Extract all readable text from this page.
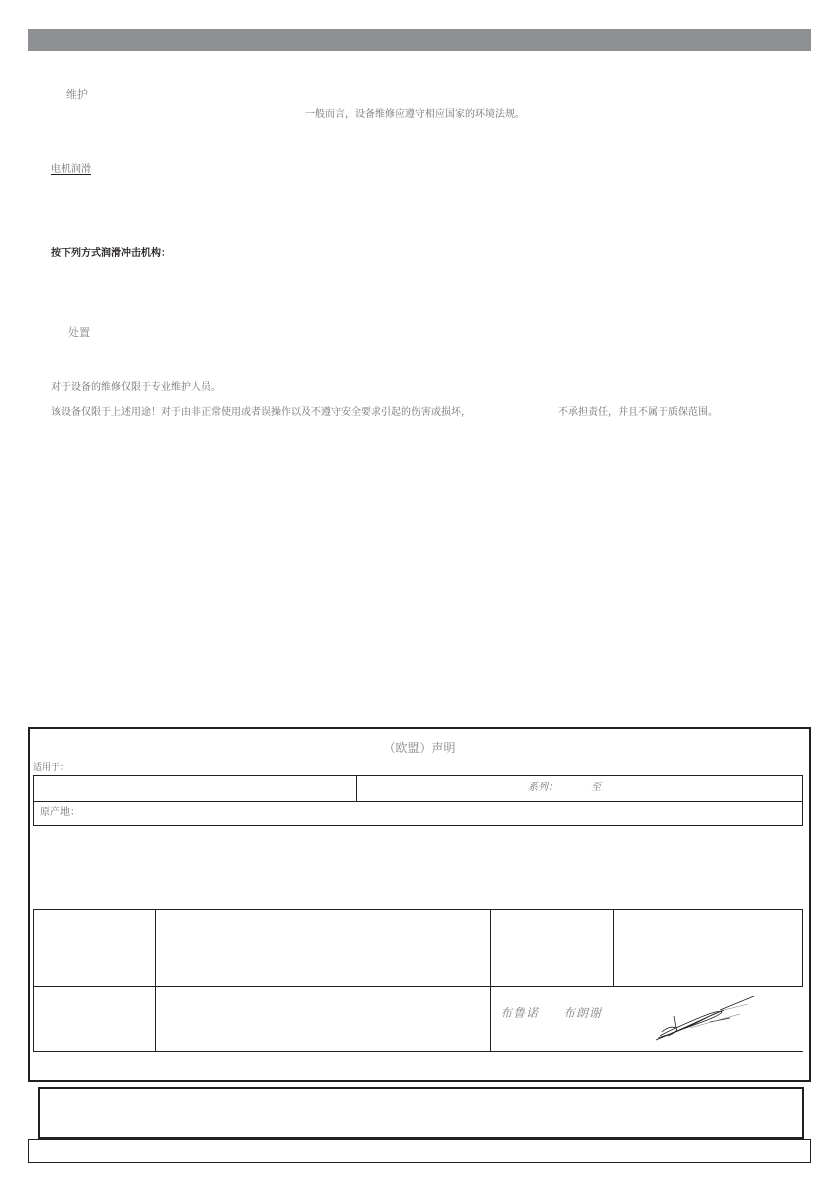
维护
一般而言，设备维修应遵守相应国家的环境法规。
电机润滑
按下列方式润滑冲击机构：
处置
对于设备的维修仅限于专业维护人员。
该设备仅限于上述用途！对于由非正常使用或者误操作以及不遵守安全要求引起的伤害或损坏，	不承担责任，并且不属于质保范围。
（欧盟）声明
适用于：
系列：	至
原产地：
布鲁诺 布朗谢
